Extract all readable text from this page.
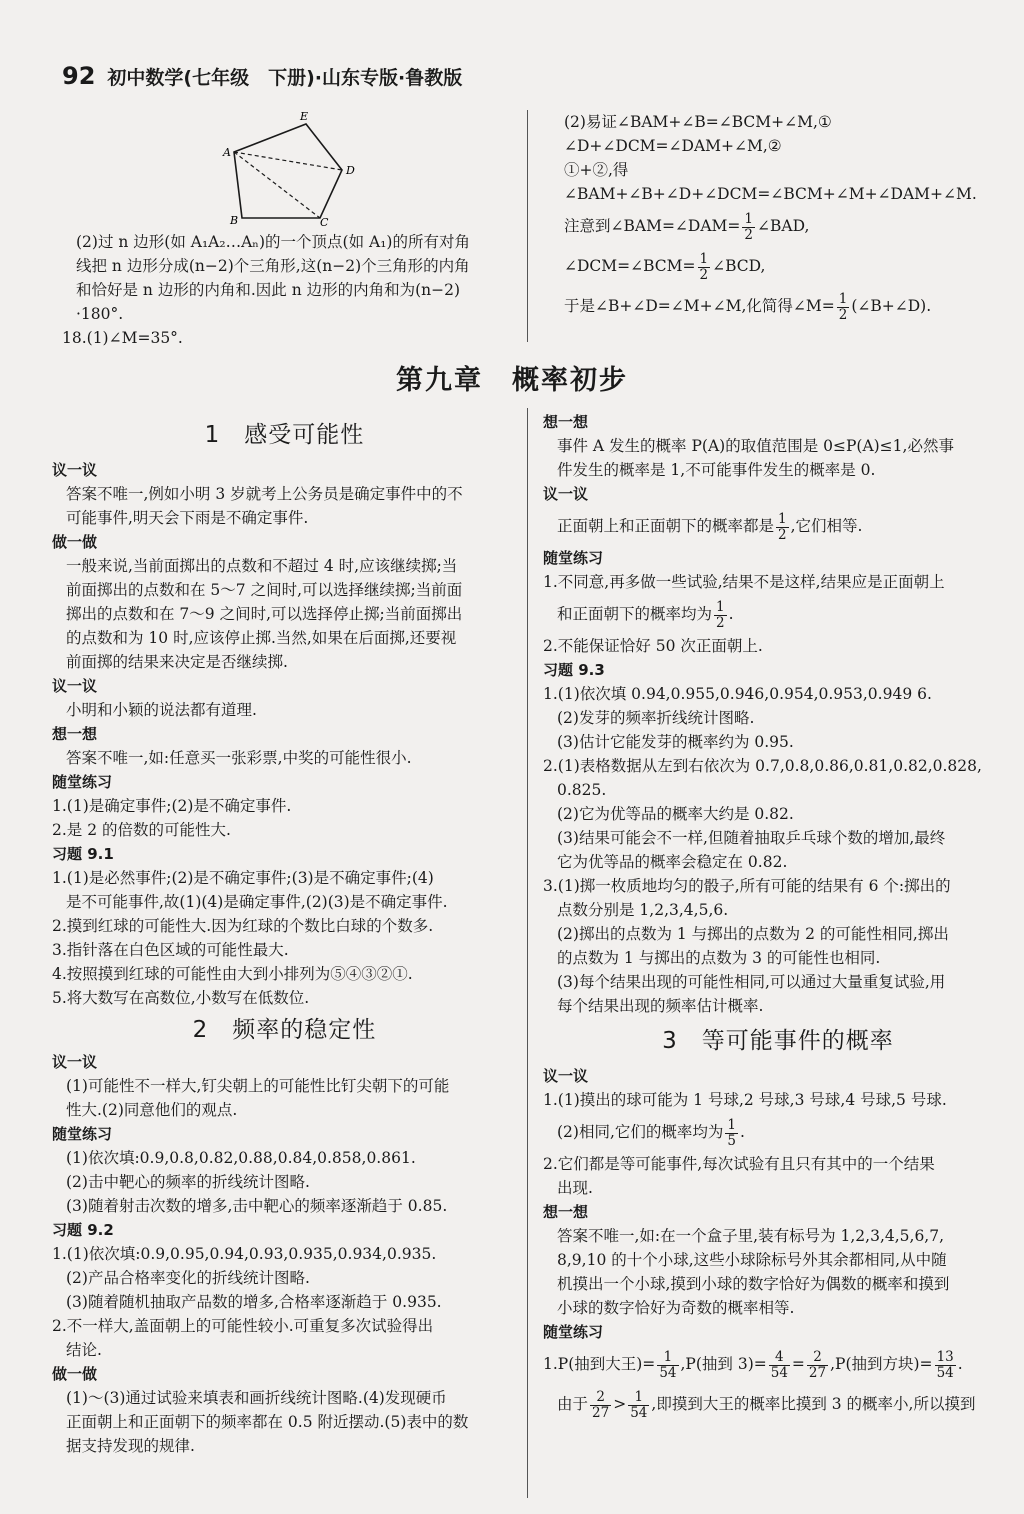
92 初中数学(七年级　下册)·山东专版·鲁教版
E
A
D
B	C

(2)过 n 边形(如 A₁A₂…Aₙ)的一个顶点(如 A₁)的所有对角

线把 n 边形分成(n−2)个三角形,这(n−2)个三角形的内角

和恰好是 n 边形的内角和.因此 n 边形的内角和为(n−2)

·180°.

18.(1)∠M=35°.

(2)易证∠BAM+∠B=∠BCM+∠M,①

∠D+∠DCM=∠DAM+∠M,②

①+②,得∠BAM+∠B+∠D+∠DCM=∠BCM+∠M+∠DAM+∠M.

注意到∠BAM=∠DAM= $\frac{1}{2}$ ∠BAD,

∠DCM=∠BCM= $\frac{1}{2}$ ∠BCD,

于是∠B+∠D=∠M+∠M,化简得∠M= $\frac{1}{2}$ (∠B+∠D).

第九章　概率初步

1　感受可能性

议一议

答案不唯一,例如小明 3 岁就考上公务员是确定事件中的不

可能事件,明天会下雨是不确定事件.

做一做

一般来说,当前面掷出的点数和不超过 4 时,应该继续掷;当

前面掷出的点数和在 5～7 之间时,可以选择继续掷;当前面

掷出的点数和在 7～9 之间时,可以选择停止掷;当前面掷出

的点数和为 10 时,应该停止掷.当然,如果在后面掷,还要视

前面掷的结果来决定是否继续掷.

议一议

小明和小颖的说法都有道理.

想一想

答案不唯一,如:任意买一张彩票,中奖的可能性很小.

随堂练习

1.(1)是确定事件;(2)是不确定事件.

2.是 2 的倍数的可能性大.

习题 9.1

1.(1)是必然事件;(2)是不确定事件;(3)是不确定事件;(4)

是不可能事件,故(1)(4)是确定事件,(2)(3)是不确定事件.

2.摸到红球的可能性大.因为红球的个数比白球的个数多.

3.指针落在白色区域的可能性最大.

4.按照摸到红球的可能性由大到小排列为⑤④③②①.

5.将大数写在高数位,小数写在低数位.

2　频率的稳定性

议一议

(1)可能性不一样大,钉尖朝上的可能性比钉尖朝下的可能

性大.(2)同意他们的观点.

随堂练习

(1)依次填:0.9,0.8,0.82,0.88,0.84,0.858,0.861.

(2)击中靶心的频率的折线统计图略.

(3)随着射击次数的增多,击中靶心的频率逐渐趋于 0.85.

习题 9.2

1.(1)依次填:0.9,0.95,0.94,0.93,0.935,0.934,0.935.

(2)产品合格率变化的折线统计图略.

(3)随着随机抽取产品数的增多,合格率逐渐趋于 0.935.

2.不一样大,盖面朝上的可能性较小.可重复多次试验得出

结论.

做一做

(1)～(3)通过试验来填表和画折线统计图略.(4)发现硬币

正面朝上和正面朝下的频率都在 0.5 附近摆动.(5)表中的数

据支持发现的规律.

想一想

事件 A 发生的概率 P(A)的取值范围是 0≤P(A)≤1,必然事

件发生的概率是 1,不可能事件发生的概率是 0.

议一议

正面朝上和正面朝下的概率都是 $\frac{1}{2}$ ,它们相等.

随堂练习

1.不同意,再多做一些试验,结果不是这样,结果应是正面朝上

和正面朝下的概率均为 $\frac{1}{2}$ .

2.不能保证恰好 50 次正面朝上.

习题 9.3

1.(1)依次填 0.94,0.955,0.946,0.954,0.953,0.949 6.

(2)发芽的频率折线统计图略.

(3)估计它能发芽的概率约为 0.95.

2.(1)表格数据从左到右依次为 0.7,0.8,0.86,0.81,0.82,0.828,

0.825.

(2)它为优等品的概率大约是 0.82.

(3)结果可能会不一样,但随着抽取乒乓球个数的增加,最终

它为优等品的概率会稳定在 0.82.

3.(1)掷一枚质地均匀的骰子,所有可能的结果有 6 个:掷出的

点数分别是 1,2,3,4,5,6.

(2)掷出的点数为 1 与掷出的点数为 2 的可能性相同,掷出

的点数为 1 与掷出的点数为 3 的可能性也相同.

(3)每个结果出现的可能性相同,可以通过大量重复试验,用

每个结果出现的频率估计概率.

3　等可能事件的概率

议一议

1.(1)摸出的球可能为 1 号球,2 号球,3 号球,4 号球,5 号球.

(2)相同,它们的概率均为 $\frac{1}{5}$ .

2.它们都是等可能事件,每次试验有且只有其中的一个结果

出现.

想一想

答案不唯一,如:在一个盒子里,装有标号为 1,2,3,4,5,6,7,

8,9,10 的十个小球,这些小球除标号外其余都相同,从中随

机摸出一个小球,摸到小球的数字恰好为偶数的概率和摸到

小球的数字恰好为奇数的概率相等.

随堂练习

1.P(抽到大王)= $\frac{1}{54} ,P$(抽到 $3)= \frac{4}{54} = \frac{2}{27} ,P$(抽到方块)= $\frac{13}{54}$ .

由于 $\frac{2}{27} > \frac{1}{54}$ ,即摸到大王的概率比摸到 3 的概率小,所以摸到
